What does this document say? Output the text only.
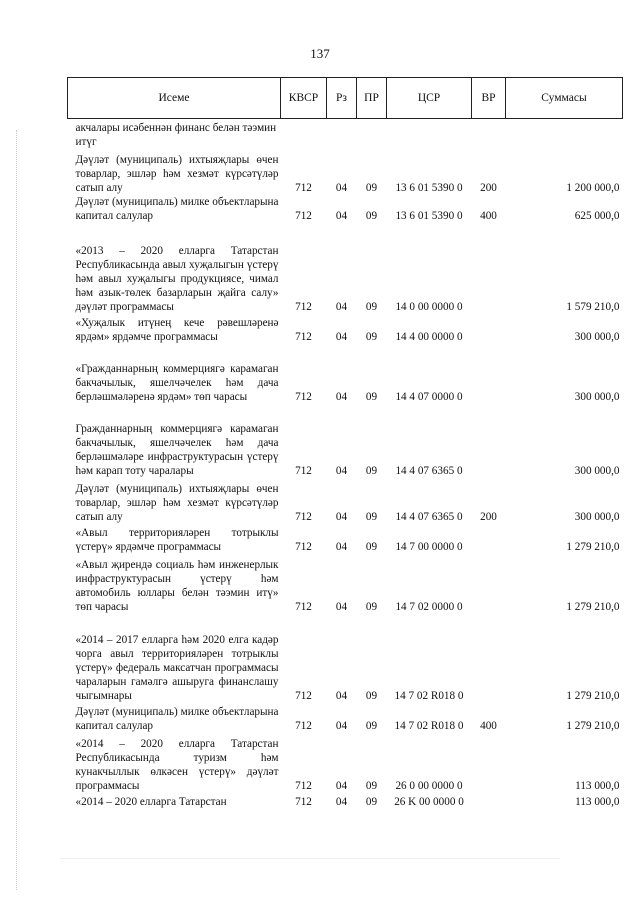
137
Исеме	КВСР	Рз	ПР	ЦСР	ВР	Суммасы
акчалары исәбеннән финанс белән тәэмин итүг						
Дәүләт (муниципаль) ихтыяҗлары өчен товарлар, эшләр һәм хезмәт күрсәтүләр сатып алу	712	04	09	13 6 01 5390 0	200	1 200 000,0
Дәүләт (муниципаль) милке объектларына капитал салулар	712	04	09	13 6 01 5390 0	400	625 000,0
«2013 – 2020 елларга Татарстан Республикасында авыл хуҗалыгын үстерү һәм авыл хуҗалыгы продукциясе, чимал һәм азык-төлек базарларын җайга салу» дәүләт программасы	712	04	09	14 0 00 0000 0		1 579 210,0
«Хуҗалык итүнең кече рәвешләренә ярдәм» ярдәмче программасы	712	04	09	14 4 00 0000 0		300 000,0
«Гражданнарның коммерциягә карамаган бакчачылык, яшелчәчелек һәм дача берләшмәләренә ярдәм» төп чарасы	712	04	09	14 4 07 0000 0		300 000,0
Гражданнарның коммерциягә карамаган бакчачылык, яшелчәчелек һәм дача берләшмәләре инфраструктурасын үстерү һәм карап тоту чаралары	712	04	09	14 4 07 6365 0		300 000,0
Дәүләт (муниципаль) ихтыяҗлары өчен товарлар, эшләр һәм хезмәт күрсәтүләр сатып алу	712	04	09	14 4 07 6365 0	200	300 000,0
«Авыл территорияләрен тотрыклы үстерү» ярдәмче программасы	712	04	09	14 7 00 0000 0		1 279 210,0
«Авыл җирендә социаль һәм инженерлык инфраструктурасын үстерү һәм автомобиль юллары белән тәэмин итү» төп чарасы	712	04	09	14 7 02 0000 0		1 279 210,0
«2014 – 2017 елларга һәм 2020 елга кадәр чорга авыл территорияләрен тотрыклы үстерү» федераль максатчан программасы чараларын гамәлгә ашыруга финанслашу чыгымнары	712	04	09	14 7 02 R018 0		1 279 210,0
Дәүләт (муниципаль) милке объектларына капитал салулар	712	04	09	14 7 02 R018 0	400	1 279 210,0
«2014 – 2020 елларга Татарстан Республикасында туризм һәм кунакчыллык өлкәсен үстерү» дәүләт программасы	712	04	09	26 0 00 0000 0		113 000,0
«2014 – 2020 елларга Татарстан	712	04	09	26 K 00 0000 0		113 000,0
